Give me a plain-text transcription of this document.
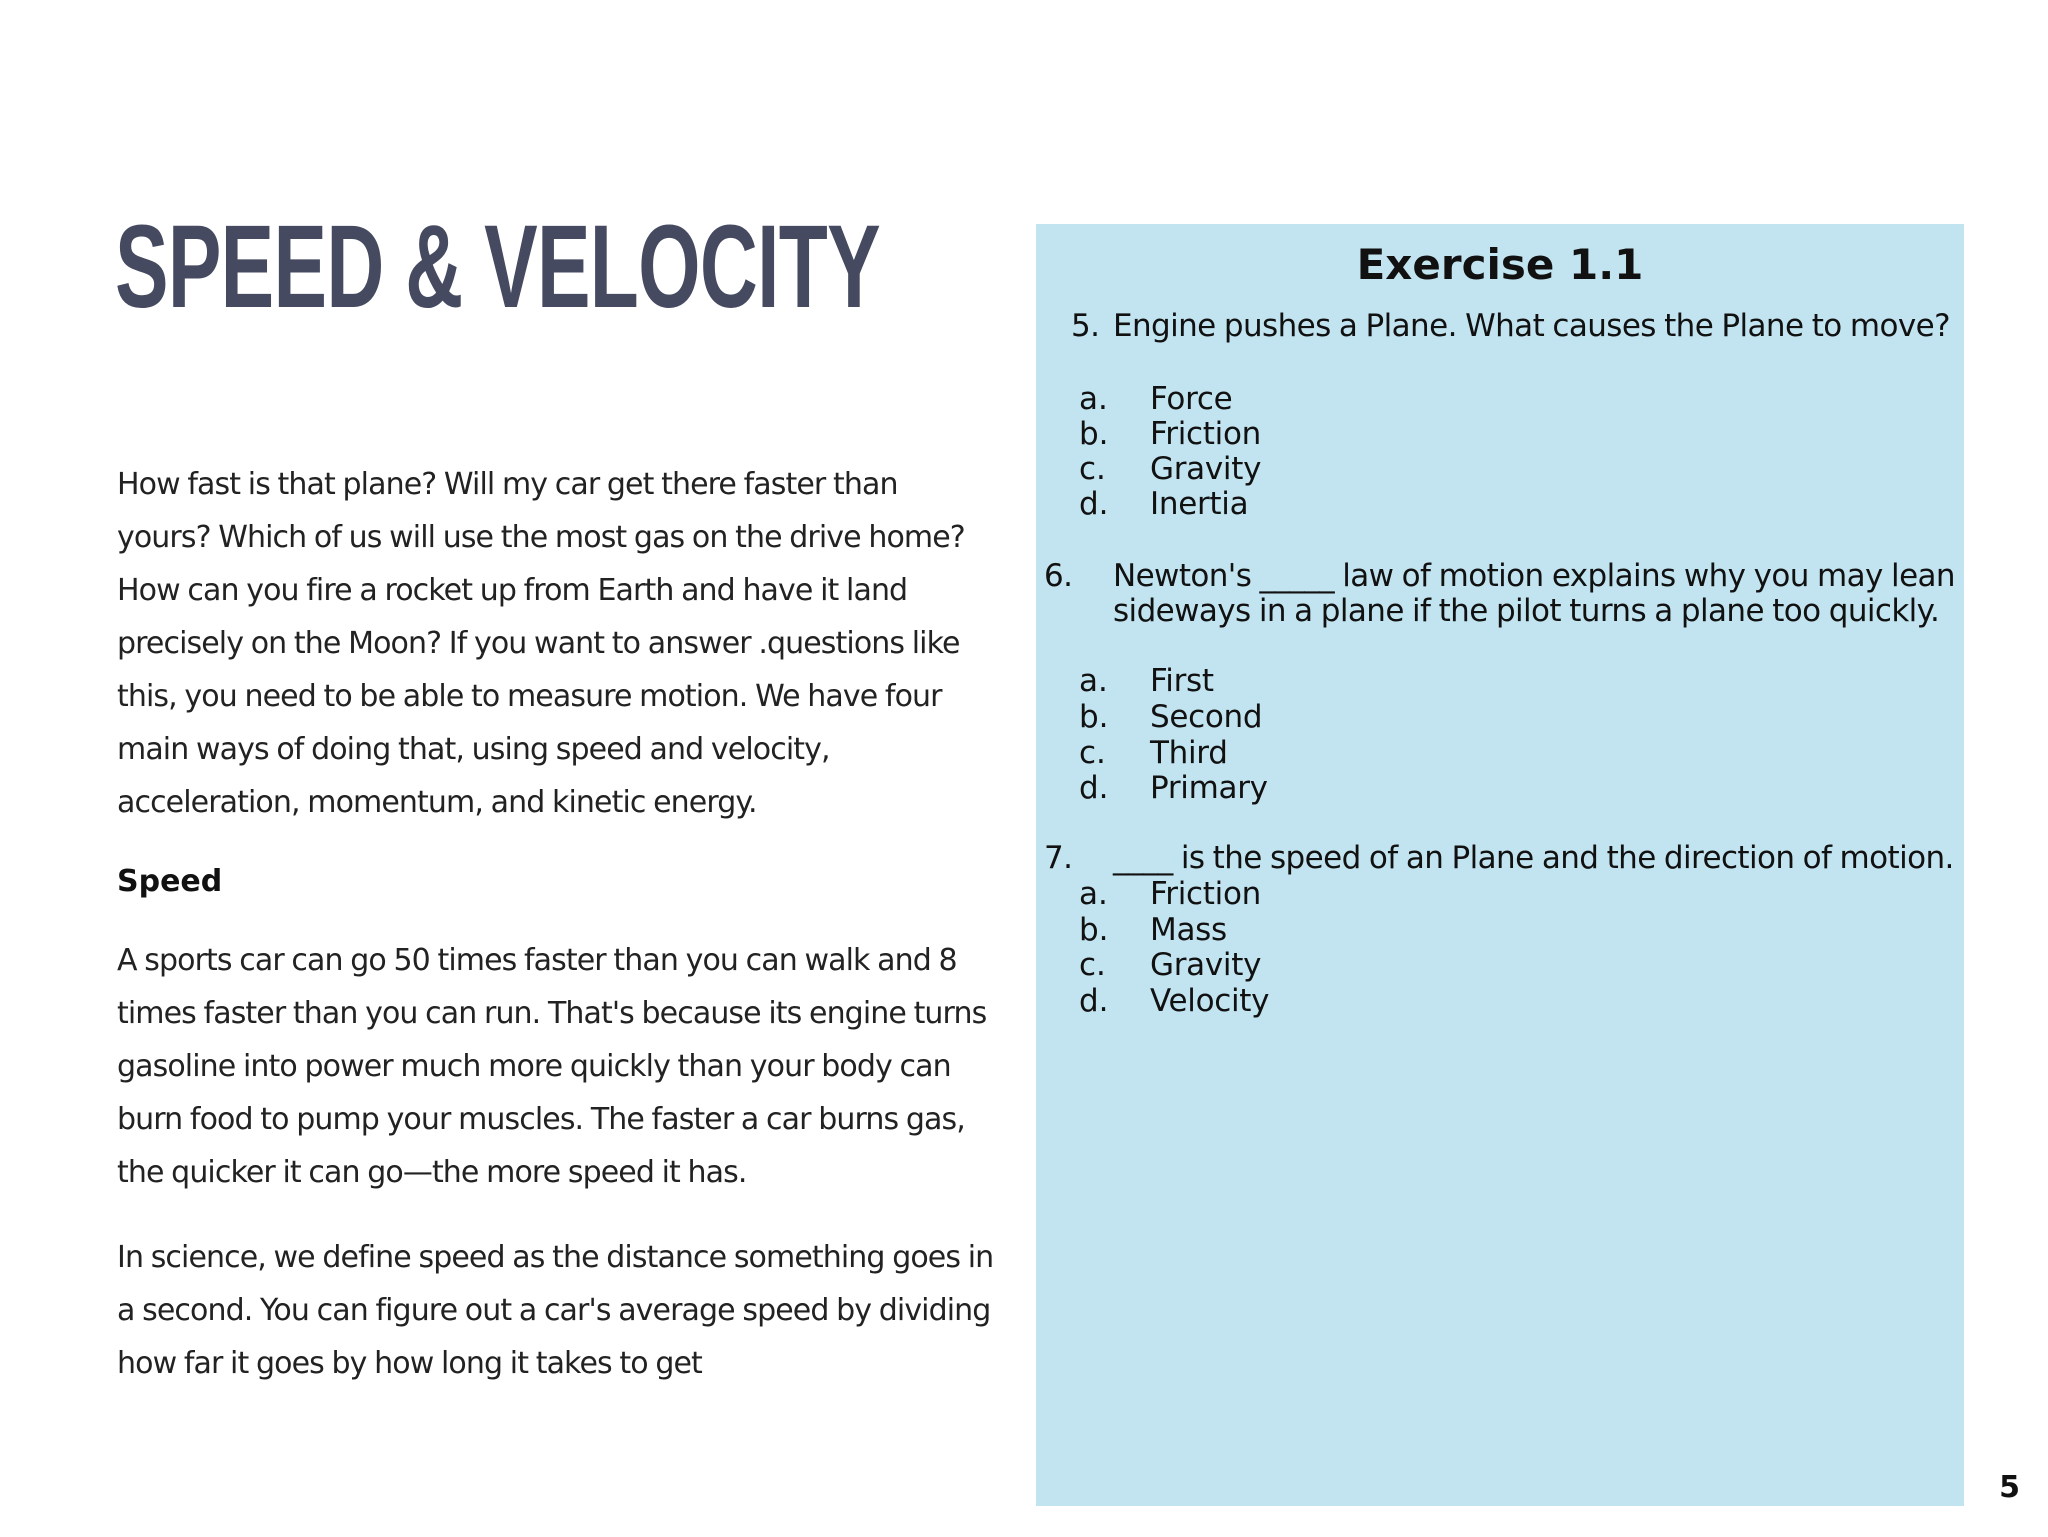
SPEED & VELOCITY

How fast is that plane? Will my car get there faster than yours? Which of us will use the most gas on the drive home? How can you fire a rocket up from Earth and have it land precisely on the Moon? If you want to answer .questions like this, you need to be able to measure motion. We have four main ways of doing that, using speed and velocity, acceleration, momentum, and kinetic energy.

Speed

A sports car can go 50 times faster than you can walk and 8 times faster than you can run. That's because its engine turns gasoline into power much more quickly than your body can burn food to pump your muscles. The faster a car burns gas, the quicker it can go—the more speed it has.

In science, we define speed as the distance something goes in a second. You can figure out a car's average speed by dividing how far it goes by how long it takes to get

Exercise 1.1
5. Engine pushes a Plane. What causes the Plane to move?
a. Force
b. Friction
c. Gravity
d. Inertia
6. Newton's _____ law of motion explains why you may lean
sideways in a plane if the pilot turns a plane too quickly.
a. First
b. Second
c. Third
d. Primary
7. ____ is the speed of an Plane and the direction of motion.
a. Friction
b. Mass
c. Gravity
d. Velocity
5
